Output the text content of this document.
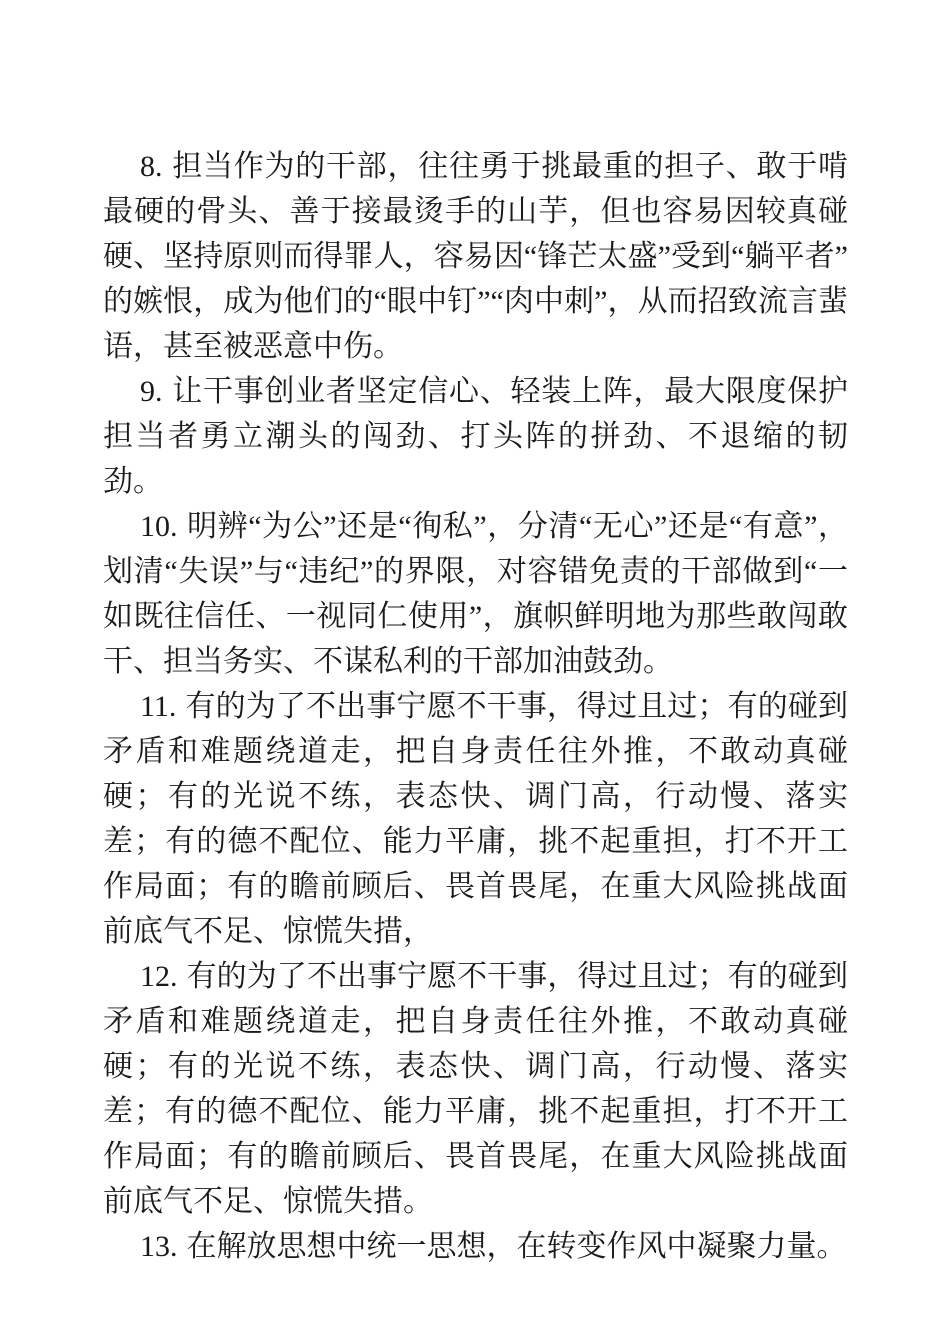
8. 担当作为的干部，往往勇于挑最重的担子、敢于啃最硬的骨头、善于接最烫手的山芋，但也容易因较真碰硬、坚持原则而得罪人，容易因“锋芒太盛”受到“躺平者”的嫉恨，成为他们的“眼中钉”“肉中刺”，从而招致流言蜚语，甚至被恶意中伤。

9. 让干事创业者坚定信心、轻装上阵，最大限度保护担当者勇立潮头的闯劲、打头阵的拼劲、不退缩的韧劲。

10. 明辨“为公”还是“徇私”，分清“无心”还是“有意”，划清“失误”与“违纪”的界限，对容错免责的干部做到“一如既往信任、一视同仁使用”，旗帜鲜明地为那些敢闯敢干、担当务实、不谋私利的干部加油鼓劲。

11. 有的为了不出事宁愿不干事，得过且过；有的碰到矛盾和难题绕道走，把自身责任往外推，不敢动真碰硬；有的光说不练，表态快、调门高，行动慢、落实差；有的德不配位、能力平庸，挑不起重担，打不开工作局面；有的瞻前顾后、畏首畏尾，在重大风险挑战面前底气不足、惊慌失措，

12. 有的为了不出事宁愿不干事，得过且过；有的碰到矛盾和难题绕道走，把自身责任往外推，不敢动真碰硬；有的光说不练，表态快、调门高，行动慢、落实差；有的德不配位、能力平庸，挑不起重担，打不开工作局面；有的瞻前顾后、畏首畏尾，在重大风险挑战面前底气不足、惊慌失措。

13. 在解放思想中统一思想，在转变作风中凝聚力量。
